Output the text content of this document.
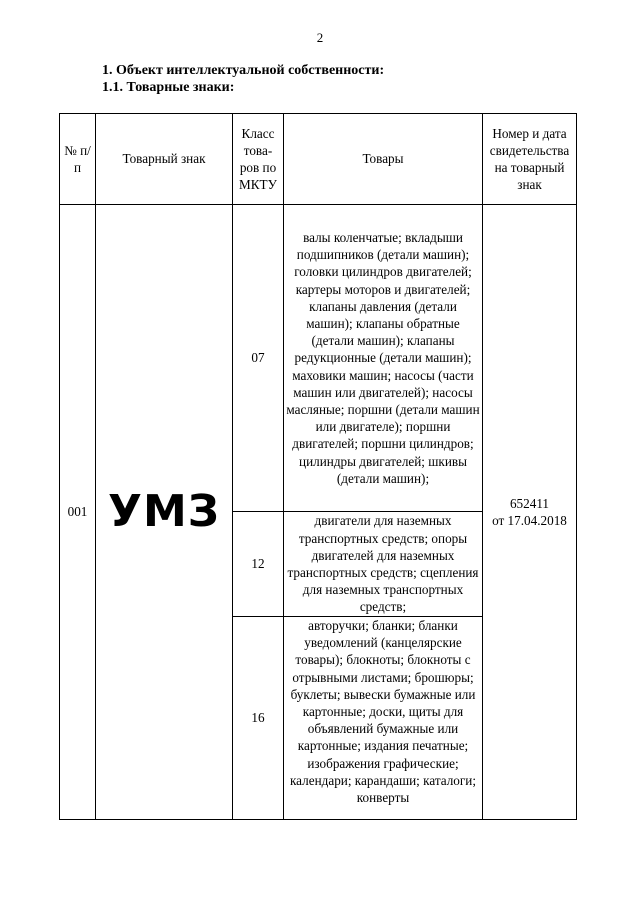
2
1. Объект интеллектуальной собственности:
1.1. Товарные знаки:
№ п/п	Товарный знак	Класс това-ров по МКТУ	Товары	Номер и дата свидетельства на товарный знак
001	УМЗ	07	валы коленчатые; вкладыши подшипников (детали машин); головки цилиндров двигателей; картеры моторов и двигателей; клапаны давления (детали машин); клапаны обратные (детали машин); клапаны редукционные (детали машин); маховики машин; насосы (части машин или двигателей); насосы масляные; поршни (детали машин или двигателе); поршни двигателей; поршни цилиндров; цилиндры двигателей; шкивы (детали машин);	652411
от 17.04.2018

		12	двигатели для наземных транспортных средств; опоры двигателей для наземных транспортных средств; сцепления для наземных транспортных средств;	
		16	авторучки; бланки; бланки уведомлений (канцелярские товары); блокноты; блокноты с отрывными листами; брошюры; буклеты; вывески бумажные или картонные; доски, щиты для объявлений бумажные или картонные; издания печатные; изображения графические; календари; карандаши; каталоги; конверты	
